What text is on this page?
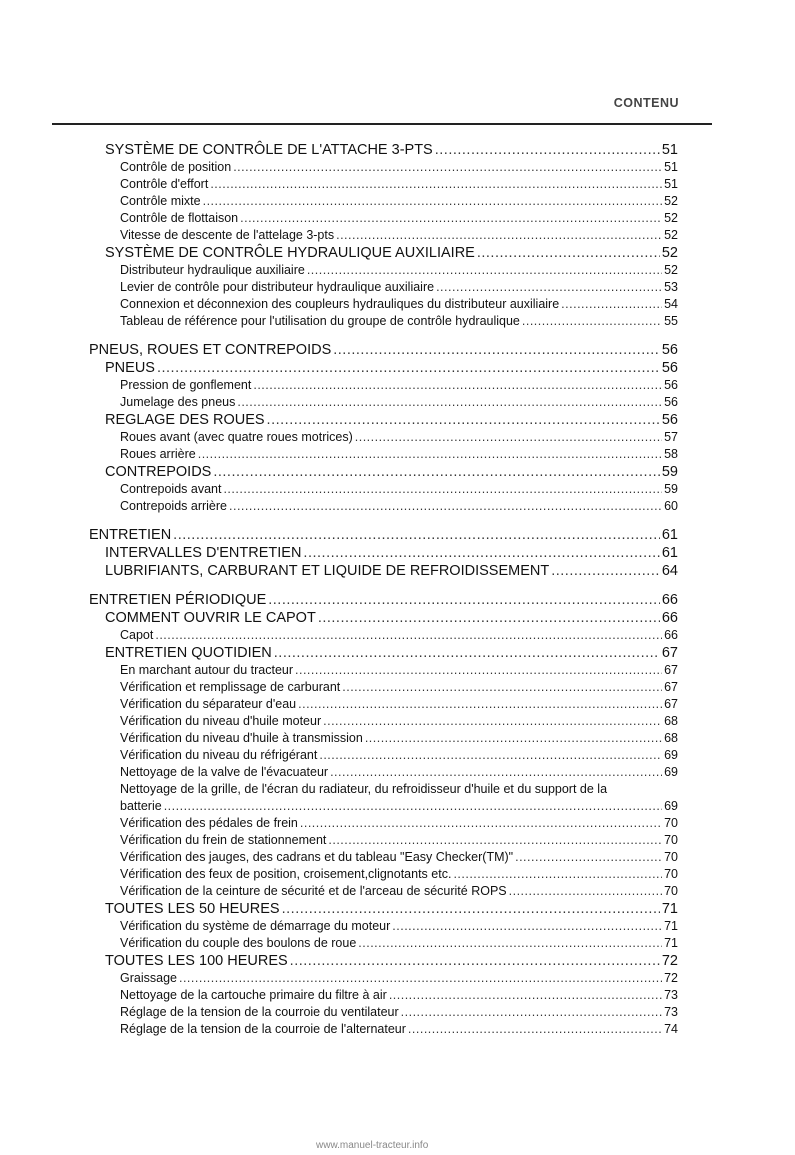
CONTENU
SYSTÈME DE CONTRÔLE DE L'ATTACHE 3-PTS .....	51
Contrôle de position .....	51
Contrôle d'effort .....	51
Contrôle mixte .....	52
Contrôle de flottaison .....	52
Vitesse de descente de l'attelage 3-pts .....	52
SYSTÈME DE CONTRÔLE HYDRAULIQUE AUXILIAIRE .....	52
Distributeur hydraulique auxiliaire .....	52
Levier de contrôle pour distributeur hydraulique auxiliaire .....	53
Connexion et déconnexion des coupleurs hydrauliques du distributeur auxiliaire .....	54
Tableau de référence pour l'utilisation du groupe de contrôle hydraulique .....	55
PNEUS, ROUES ET CONTREPOIDS .....	56
PNEUS .....	56
Pression de gonflement .....	56
Jumelage des pneus .....	56
REGLAGE DES ROUES .....	56
Roues avant (avec quatre roues motrices) .....	57
Roues arrière .....	58
CONTREPOIDS .....	59
Contrepoids avant .....	59
Contrepoids arrière .....	60
ENTRETIEN .....	61
INTERVALLES D'ENTRETIEN .....	61
LUBRIFIANTS, CARBURANT ET LIQUIDE DE REFROIDISSEMENT .....	64
ENTRETIEN PÉRIODIQUE .....	66
COMMENT OUVRIR LE CAPOT .....	66
Capot .....	66
ENTRETIEN QUOTIDIEN .....	67
En marchant autour du tracteur .....	67
Vérification et remplissage de carburant .....	67
Vérification du séparateur d'eau .....	67
Vérification du niveau d'huile moteur .....	68
Vérification du niveau d'huile à transmission .....	68
Vérification du niveau du réfrigérant .....	69
Nettoyage de la valve de l'évacuateur .....	69
Nettoyage de la grille, de l'écran du radiateur, du refroidisseur d'huile et du support de la
batterie .....	69
Vérification des pédales de frein .....	70
Vérification du frein de stationnement .....	70
Vérification des jauges, des cadrans et du tableau "Easy Checker(TM)" .....	70
Vérification des feux de position, croisement,clignotants etc. .....	70
Vérification de la ceinture de sécurité et de l'arceau de sécurité ROPS .....	70
TOUTES LES 50 HEURES .....	71
Vérification du système de démarrage du moteur .....	71
Vérification du couple des boulons de roue .....	71
TOUTES LES 100 HEURES .....	72
Graissage .....	72
Nettoyage de la cartouche primaire du filtre à air .....	73
Réglage de la tension de la courroie du ventilateur .....	73
Réglage de la tension de la courroie de l'alternateur .....	74
www.manuel-tracteur.info
